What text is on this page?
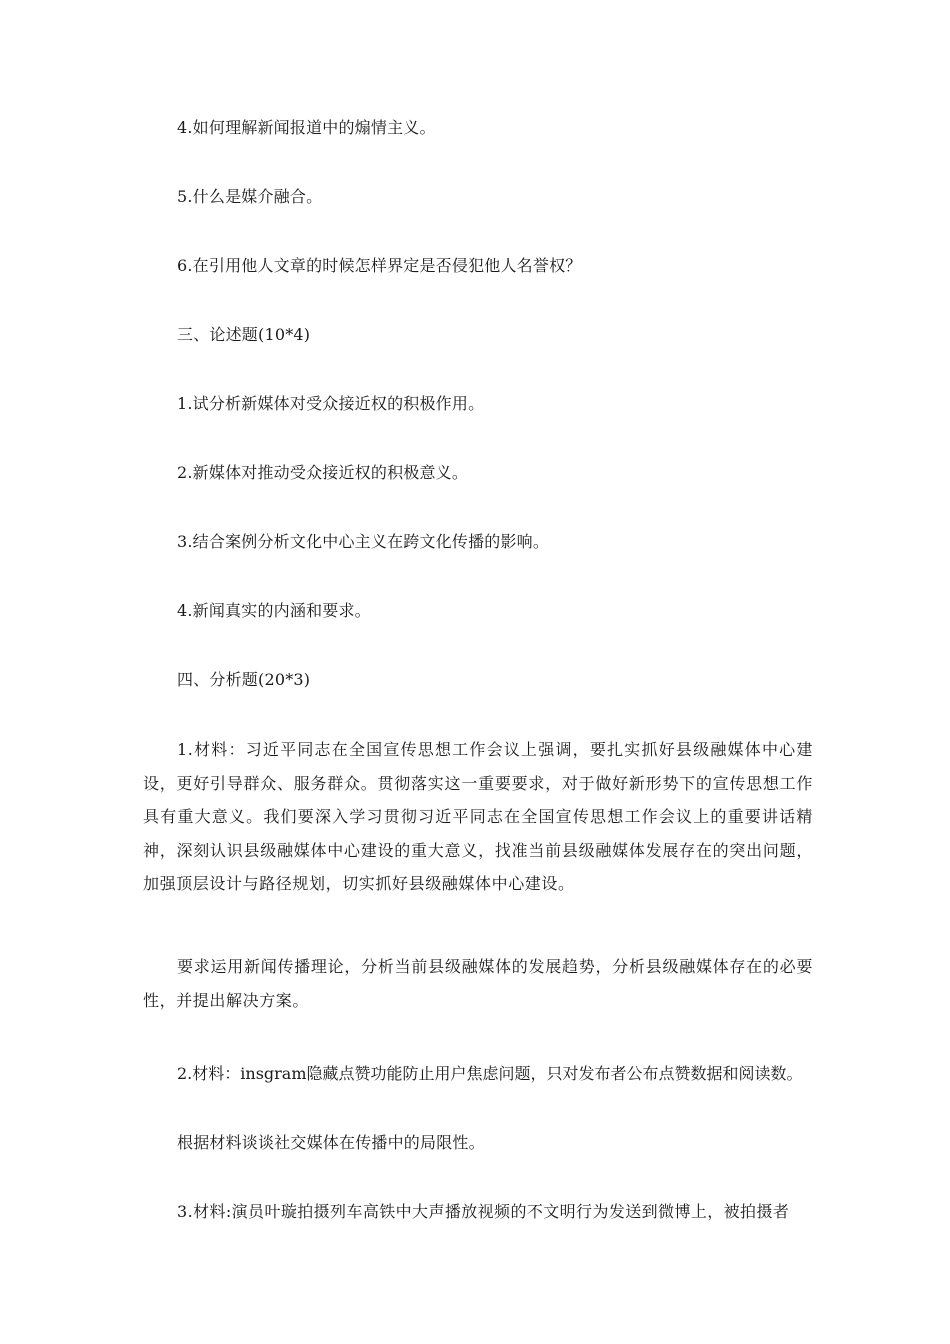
4.如何理解新闻报道中的煽情主义。
5.什么是媒介融合。
6.在引用他人文章的时候怎样界定是否侵犯他人名誉权？
三、论述题(10*4)
1.试分析新媒体对受众接近权的积极作用。
2.新媒体对推动受众接近权的积极意义。
3.结合案例分析文化中心主义在跨文化传播的影响。
4.新闻真实的内涵和要求。
四、分析题(20*3)
1.材料：习近平同志在全国宣传思想工作会议上强调，要扎实抓好县级融媒体中心建设，更好引导群众、服务群众。贯彻落实这一重要要求，对于做好新形势下的宣传思想工作具有重大意义。我们要深入学习贯彻习近平同志在全国宣传思想工作会议上的重要讲话精神，深刻认识县级融媒体中心建设的重大意义，找准当前县级融媒体发展存在的突出问题，加强顶层设计与路径规划，切实抓好县级融媒体中心建设。
要求运用新闻传播理论，分析当前县级融媒体的发展趋势，分析县级融媒体存在的必要性，并提出解决方案。
2.材料：insgram隐藏点赞功能防止用户焦虑问题，只对发布者公布点赞数据和阅读数。
根据材料谈谈社交媒体在传播中的局限性。
3.材料:演员叶璇拍摄列车高铁中大声播放视频的不文明行为发送到微博上，被拍摄者
